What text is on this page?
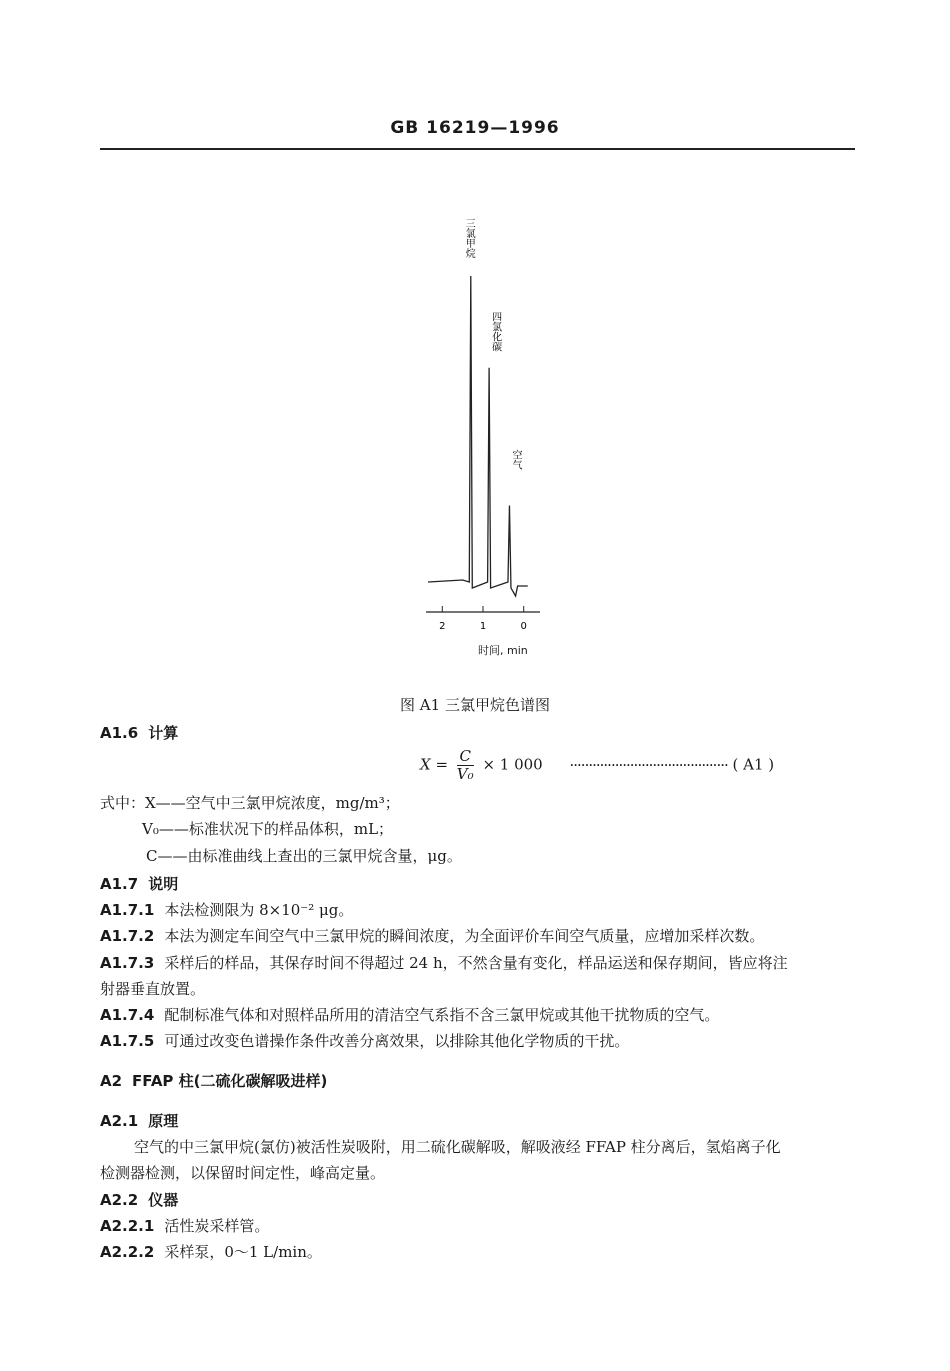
GB 16219—1996
2	1	0
三氯甲烷
四氯化碳
空气
时间, min
图 A1 三氯甲烷色谱图
A1.6 计算
$X = \frac{C}{\text{V₀}} \times 1$ 000 ·········································· ( A1 )
式中：X——空气中三氯甲烷浓度，mg/m³；
V₀——标准状况下的样品体积，mL；
C——由标准曲线上查出的三氯甲烷含量，μg。
A1.7 说明
A1.7.1 本法检测限为 8×10⁻² μg。
A1.7.2 本法为测定车间空气中三氯甲烷的瞬间浓度，为全面评价车间空气质量，应增加采样次数。
A1.7.3 采样后的样品，其保存时间不得超过 24 h，不然含量有变化，样品运送和保存期间，皆应将注
射器垂直放置。
A1.7.4 配制标准气体和对照样品所用的清洁空气系指不含三氯甲烷或其他干扰物质的空气。
A1.7.5 可通过改变色谱操作条件改善分离效果，以排除其他化学物质的干扰。
A2 FFAP 柱(二硫化碳解吸进样)
A2.1 原理
空气的中三氯甲烷(氯仿)被活性炭吸附，用二硫化碳解吸，解吸液经 FFAP 柱分离后，氢焰离子化
检测器检测，以保留时间定性，峰高定量。
A2.2 仪器
A2.2.1 活性炭采样管。
A2.2.2 采样泵，0～1 L/min。
